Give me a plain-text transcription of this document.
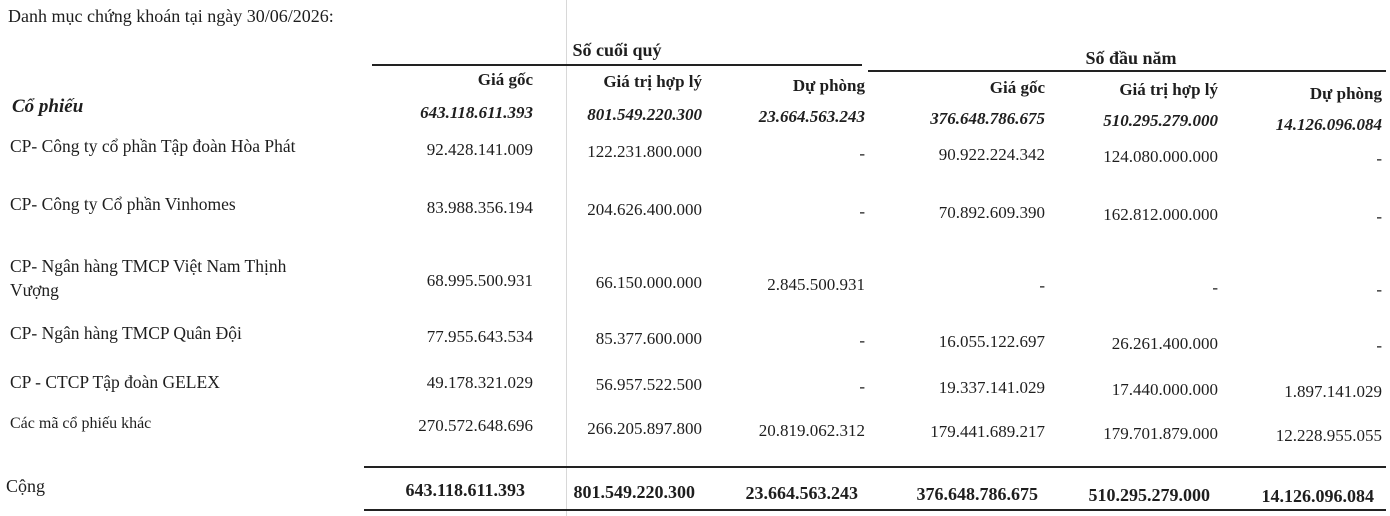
Danh mục chứng khoán tại ngày 30/06/2026:
Số cuối quý	Số đầu năm
Giá gốc	Giá trị hợp lý	Dự phòng	Giá gốc	Giá trị hợp lý	Dự phòng
Cổ phiếu	643.118.611.393	801.549.220.300	23.664.563.243	376.648.786.675	510.295.279.000	14.126.096.084
CP- Công ty cổ phần Tập đoàn Hòa Phát	92.428.141.009	122.231.800.000	-	90.922.224.342	124.080.000.000	-
CP- Công ty Cổ phần Vinhomes	83.988.356.194	204.626.400.000	-	70.892.609.390	162.812.000.000	-
CP- Ngân hàng TMCP Việt Nam Thịnh
Vượng	68.995.500.931	66.150.000.000	2.845.500.931	-	-	-
CP- Ngân hàng TMCP Quân Đội	77.955.643.534	85.377.600.000	-	16.055.122.697	26.261.400.000	-
CP - CTCP Tập đoàn GELEX	49.178.321.029	56.957.522.500	-	19.337.141.029	17.440.000.000	1.897.141.029
Các mã cổ phiếu khác	270.572.648.696	266.205.897.800	20.819.062.312	179.441.689.217	179.701.879.000	12.228.955.055
Cộng	643.118.611.393	801.549.220.300	23.664.563.243	376.648.786.675	510.295.279.000	14.126.096.084
